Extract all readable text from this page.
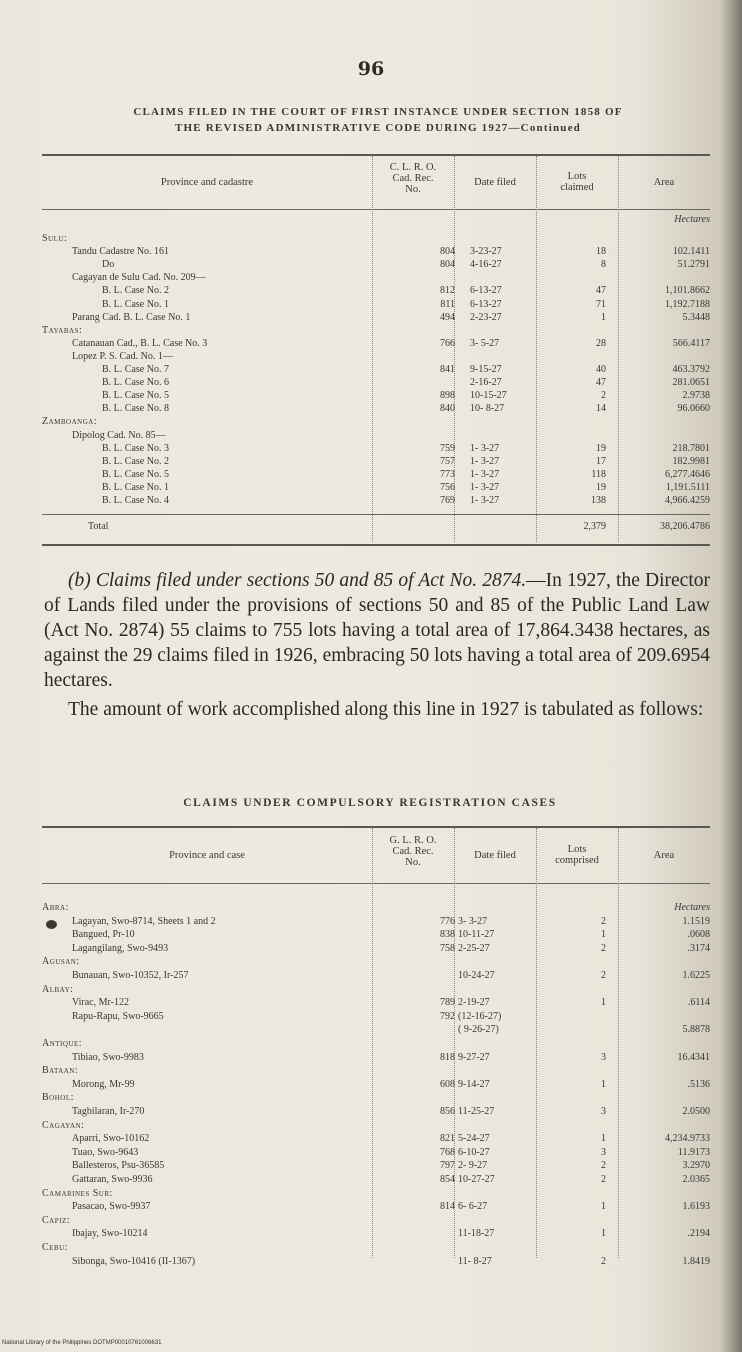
96
CLAIMS FILED IN THE COURT OF FIRST INSTANCE UNDER SECTION 1858 OF
THE REVISED ADMINISTRATIVE CODE DURING 1927—Continued
Province and cadastre
C. L. R. O.
Cad. Rec.
No.
Date filed
Lots
claimed	Area
Hectares
Sulu:
Tandu Cadastre No. 161	804 3-23-27	18	102.1411
Do	804 4-16-27	8	51.2791
Cagayan de Sulu Cad. No. 209—
B. L. Case No. 2	812 6-13-27	47	1,101.8662
B. L. Case No. 1	811 6-13-27	71	1,192.7188
Parang Cad. B. L. Case No. 1	494 2-23-27	1	5.3448
Tayabas:
Catanauan Cad., B. L. Case No. 3	766 3- 5-27	28	566.4117
Lopez P. S. Cad. No. 1—
B. L. Case No. 7	841 9-15-27	40	463.3792
B. L. Case No. 6	2-16-27	47	281.0651
B. L. Case No. 5	898 10-15-27	2	2.9738
B. L. Case No. 8	840 10- 8-27	14	96.0660
Zamboanga:
Dipolog Cad. No. 85—
B. L. Case No. 3	759 1- 3-27	19	218.7801
B. L. Case No. 2	757 1- 3-27	17	182.9981
B. L. Case No. 5	773 1- 3-27	118	6,277.4646
B. L. Case No. 1	756 1- 3-27	19	1,191.5111
B. L. Case No. 4	769 1- 3-27	138	4,966.4259
Total	2,379	38,206.4786

(b) Claims filed under sections 50 and 85 of Act No. 2874.—In 1927, the Director of Lands filed under the provisions of sections 50 and 85 of the Public Land Law (Act No. 2874) 55 claims to 755 lots having a total area of 17,864.3438 hectares, as against the 29 claims filed in 1926, embracing 50 lots having a total area of 209.6954 hectares.

The amount of work accomplished along this line in 1927 is tabulated as follows:

CLAIMS UNDER COMPULSORY REGISTRATION CASES
Province and case
G. L. R. O.
Cad. Rec.
No.
Date filed
Lots
comprised	Area
Hectares
Abra:
Lagayan, Swo-8714, Sheets 1 and 2	776 3- 3-27	2	1.1519
Bangued, Pr-10	838 10-11-27	1	.0608
Lagangilang, Swo-9493	758 2-25-27	2	.3174
Agusan:
Bunauan, Swo-10352, Ir-257	10-24-27	2	1.6225
Albay:
Virac, Mr-122	789 2-19-27	1	.6114
Rapu-Rapu, Swo-9665	792 (12-16-27)
( 9-26-27)	5.8878
Antique:
Tibiao, Swo-9983	818 9-27-27	3	16.4341
Bataan:
Morong, Mr-99	608 9-14-27	1	.5136
Bohol:
Tagbilaran, Ir-270	856 11-25-27	3	2.0500
Cagayan:
Aparri, Swo-10162	821 5-24-27	1	4,234.9733
Tuao, Swo-9643	768 6-10-27	3	11.9173
Ballesteros, Psu-36585	797 2- 9-27	2	3.2970
Gattaran, Swo-9936	854 10-27-27	2	2.0365
Camarines Sur:
Pasacao, Swo-9937	814 6- 6-27	1	1.6193
Capiz:
Ibajay, Swo-10214	11-18-27	1	.2194
Cebu:
Sibonga, Swo-10416 (II-1367)	11- 8-27	2	1.8419
National Library of the Philippines DOTMP00010761006631
